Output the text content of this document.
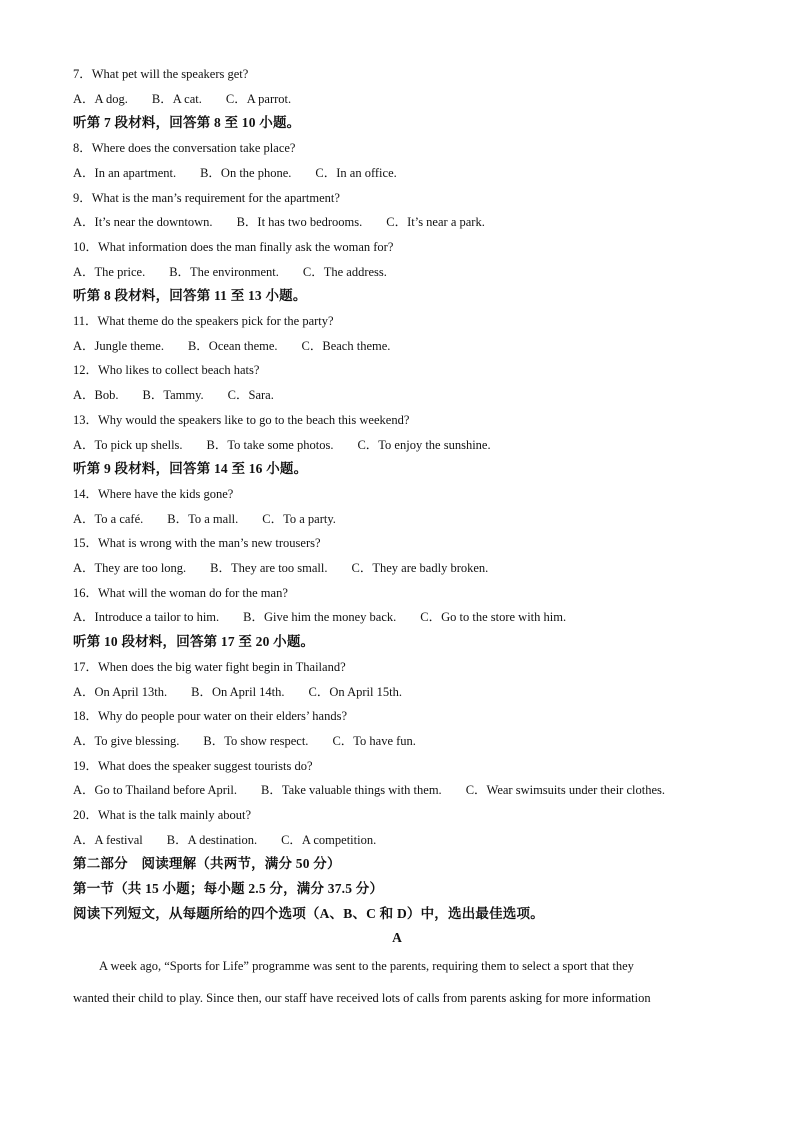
7．What pet will the speakers get?
A．A dog. B．A cat. C．A parrot.
听第 7 段材料，回答第 8 至 10 小题。
8．Where does the conversation take place?
A．In an apartment. B．On the phone. C．In an office.
9．What is the man’s requirement for the apartment?
A．It’s near the downtown. B．It has two bedrooms. C．It’s near a park.
10．What information does the man finally ask the woman for?
A．The price. B．The environment. C．The address.
听第 8 段材料，回答第 11 至 13 小题。
11．What theme do the speakers pick for the party?
A．Jungle theme. B．Ocean theme. C．Beach theme.
12．Who likes to collect beach hats?
A．Bob. B．Tammy. C．Sara.
13．Why would the speakers like to go to the beach this weekend?
A．To pick up shells. B．To take some photos. C．To enjoy the sunshine.
听第 9 段材料，回答第 14 至 16 小题。
14．Where have the kids gone?
A．To a café. B．To a mall. C．To a party.
15．What is wrong with the man’s new trousers?
A．They are too long. B．They are too small. C．They are badly broken.
16．What will the woman do for the man?
A．Introduce a tailor to him. B．Give him the money back. C．Go to the store with him.
听第 10 段材料，回答第 17 至 20 小题。
17．When does the big water fight begin in Thailand?
A．On April 13th. B．On April 14th. C．On April 15th.
18．Why do people pour water on their elders’ hands?
A．To give blessing. B．To show respect. C．To have fun.
19．What does the speaker suggest tourists do?
A．Go to Thailand before April. B．Take valuable things with them. C．Wear swimsuits under their clothes.
20．What is the talk mainly about?
A．A festival B．A destination. C．A competition.
第二部分　阅读理解（共两节，满分 50 分）
第一节（共 15 小题；每小题 2.5 分，满分 37.5 分）
阅读下列短文，从每题所给的四个选项（A、B、C 和 D）中，选出最佳选项。
A
A week ago, “Sports for Life” programme was sent to the parents, requiring them to select a sport that they
wanted their child to play. Since then, our staff have received lots of calls from parents asking for more information
